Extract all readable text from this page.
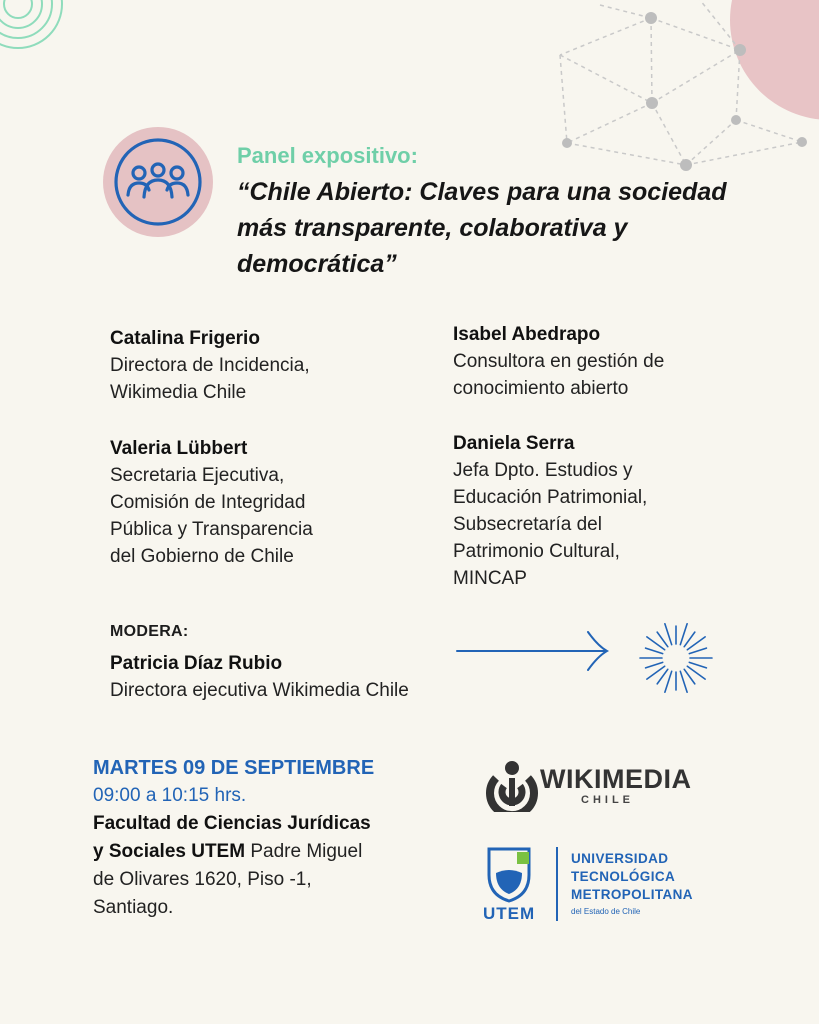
Panel expositivo:
“Chile Abierto: Claves para una sociedad más transparente, colaborativa y democrática”
Catalina Frigerio
Directora de Incidencia,
Wikimedia Chile
Valeria Lübbert
Secretaria Ejecutiva,
Comisión de Integridad
Pública y Transparencia
del Gobierno de Chile
Isabel Abedrapo
Consultora en gestión de
conocimiento abierto
Daniela Serra
Jefa Dpto. Estudios y
Educación Patrimonial,
Subsecretaría del
Patrimonio Cultural,
MINCAP
MODERA:
Patricia Díaz Rubio
Directora ejecutiva Wikimedia Chile
MARTES 09 DE SEPTIEMBRE
09:00 a 10:15 hrs.
Facultad de Ciencias Jurídicas
y Sociales UTEM Padre Miguel
de Olivares 1620, Piso -1,
Santiago.
WIKIMEDIA
CHILE
UTEM
UNIVERSIDAD
TECNOLÓGICA
METROPOLITANA
del Estado de Chile
